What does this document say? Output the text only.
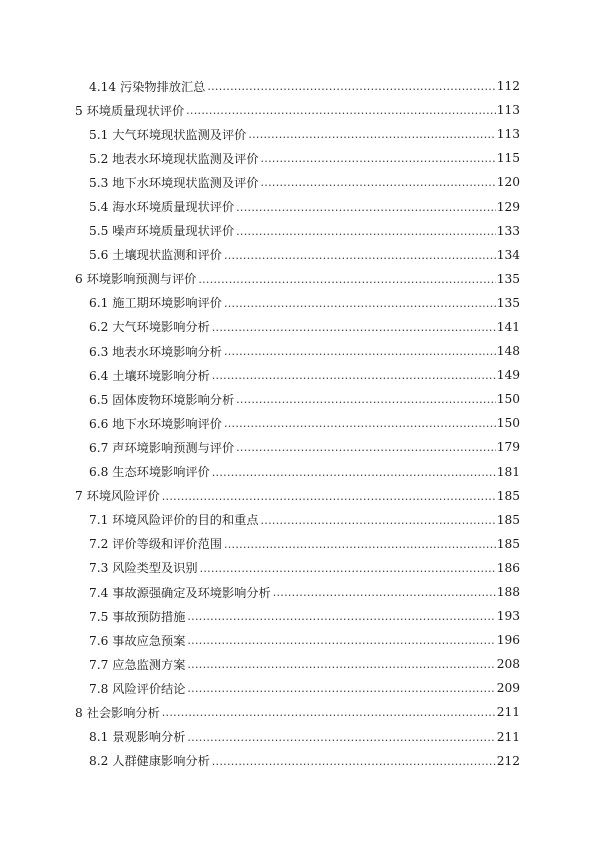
4.14 污染物排放汇总 .....	112
5 环境质量现状评价 .....	113
5.1 大气环境现状监测及评价 .....	113
5.2 地表水环境现状监测及评价 .....	115
5.3 地下水环境现状监测及评价 .....	120
5.4 海水环境质量现状评价 .....	129
5.5 噪声环境质量现状评价 .....	133
5.6 土壤现状监测和评价 .....	134
6 环境影响预测与评价 .....	135
6.1 施工期环境影响评价 .....	135
6.2 大气环境影响分析 .....	141
6.3 地表水环境影响分析 .....	148
6.4 土壤环境影响分析 .....	149
6.5 固体废物环境影响分析 .....	150
6.6 地下水环境影响评价 .....	150
6.7 声环境影响预测与评价 .....	179
6.8 生态环境影响评价 .....	181
7 环境风险评价 .....	185
7.1 环境风险评价的目的和重点 .....	185
7.2 评价等级和评价范围 .....	185
7.3 风险类型及识别 .....	186
7.4 事故源强确定及环境影响分析 .....	188
7.5 事故预防措施 .....	193
7.6 事故应急预案 .....	196
7.7 应急监测方案 .....	208
7.8 风险评价结论 .....	209
8 社会影响分析 .....	211
8.1 景观影响分析 .....	211
8.2 人群健康影响分析 .....	212
